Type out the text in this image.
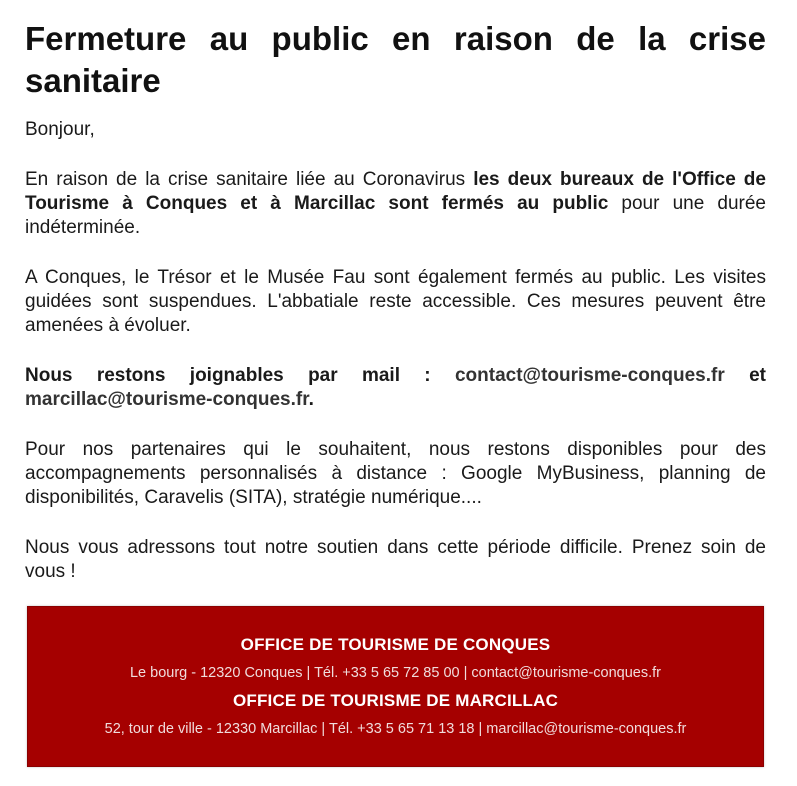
Fermeture au public en raison de la crise sanitaire

Bonjour,

En raison de la crise sanitaire liée au Coronavirus les deux bureaux de l'Office de Tourisme à Conques et à Marcillac sont fermés au public pour une durée indéterminée.

A Conques, le Trésor et le Musée Fau sont également fermés au public. Les visites guidées sont suspendues. L'abbatiale reste accessible. Ces mesures peuvent être amenées à évoluer.

Nous restons joignables par mail : contact@tourisme-conques.fr et marcillac@tourisme-conques.fr.

Pour nos partenaires qui le souhaitent, nous restons disponibles pour des accompagnements personnalisés à distance : Google MyBusiness, planning de disponibilités, Caravelis (SITA), stratégie numérique....

Nous vous adressons tout notre soutien dans cette période difficile. Prenez soin de vous !

OFFICE DE TOURISME DE CONQUES
Le bourg - 12320 Conques | Tél. +33 5 65 72 85 00 | contact@tourisme-conques.fr
OFFICE DE TOURISME DE MARCILLAC
52, tour de ville - 12330 Marcillac | Tél. +33 5 65 71 13 18 | marcillac@tourisme-conques.fr
